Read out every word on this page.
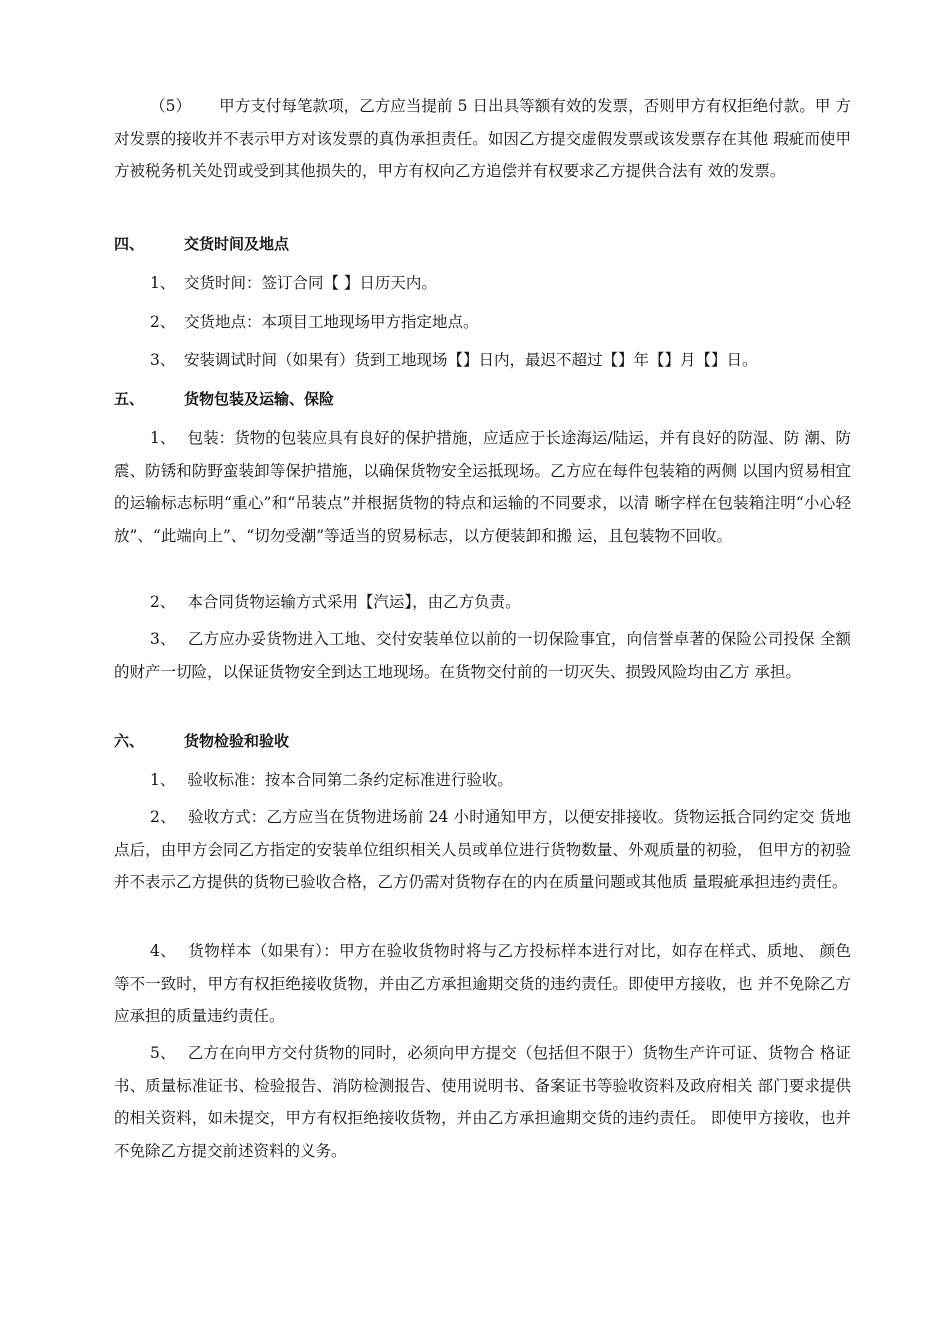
（5） 甲方支付每笔款项，乙方应当提前 5 日出具等额有效的发票，否则甲方有权拒绝付款。甲 方对发票的接收并不表示甲方对该发票的真伪承担责任。如因乙方提交虚假发票或该发票存在其他 瑕疵而使甲方被税务机关处罚或受到其他损失的，甲方有权向乙方追偿并有权要求乙方提供合法有 效的发票。

四、	交货时间及地点

1、 交货时间：签订合同【 】日历天内。

2、 交货地点：本项目工地现场甲方指定地点。

3、 安装调试时间（如果有）货到工地现场【】日内，最迟不超过【】年【】月【】日。

五、	货物包装及运输、保险

1、 包装：货物的包装应具有良好的保护措施，应适应于长途海运/陆运，并有良好的防湿、防 潮、防震、防锈和防野蛮装卸等保护措施，以确保货物安全运抵现场。乙方应在每件包装箱的两侧 以国内贸易相宜的运输标志标明“重心”和“吊装点”并根据货物的特点和运输的不同要求，以清 晰字样在包装箱注明“小心轻放”、“此端向上”、“切勿受潮”等适当的贸易标志，以方便装卸和搬 运，且包装物不回收。

2、 本合同货物运输方式采用【汽运】，由乙方负责。

3、 乙方应办妥货物进入工地、交付安装单位以前的一切保险事宜，向信誉卓著的保险公司投保 全额的财产一切险，以保证货物安全到达工地现场。在货物交付前的一切灭失、损毁风险均由乙方 承担。

六、	货物检验和验收

1、 验收标准：按本合同第二条约定标准进行验收。

2、 验收方式：乙方应当在货物进场前 24 小时通知甲方，以便安排接收。货物运抵合同约定交 货地点后，由甲方会同乙方指定的安装单位组织相关人员或单位进行货物数量、外观质量的初验， 但甲方的初验并不表示乙方提供的货物已验收合格，乙方仍需对货物存在的内在质量问题或其他质 量瑕疵承担违约责任。

4、 货物样本（如果有）：甲方在验收货物时将与乙方投标样本进行对比，如存在样式、质地、 颜色等不一致时，甲方有权拒绝接收货物，并由乙方承担逾期交货的违约责任。即使甲方接收，也 并不免除乙方应承担的质量违约责任。

5、 乙方在向甲方交付货物的同时，必须向甲方提交（包括但不限于）货物生产许可证、货物合 格证书、质量标准证书、检验报告、消防检测报告、使用说明书、备案证书等验收资料及政府相关 部门要求提供的相关资料，如未提交，甲方有权拒绝接收货物，并由乙方承担逾期交货的违约责任。 即使甲方接收，也并不免除乙方提交前述资料的义务。
